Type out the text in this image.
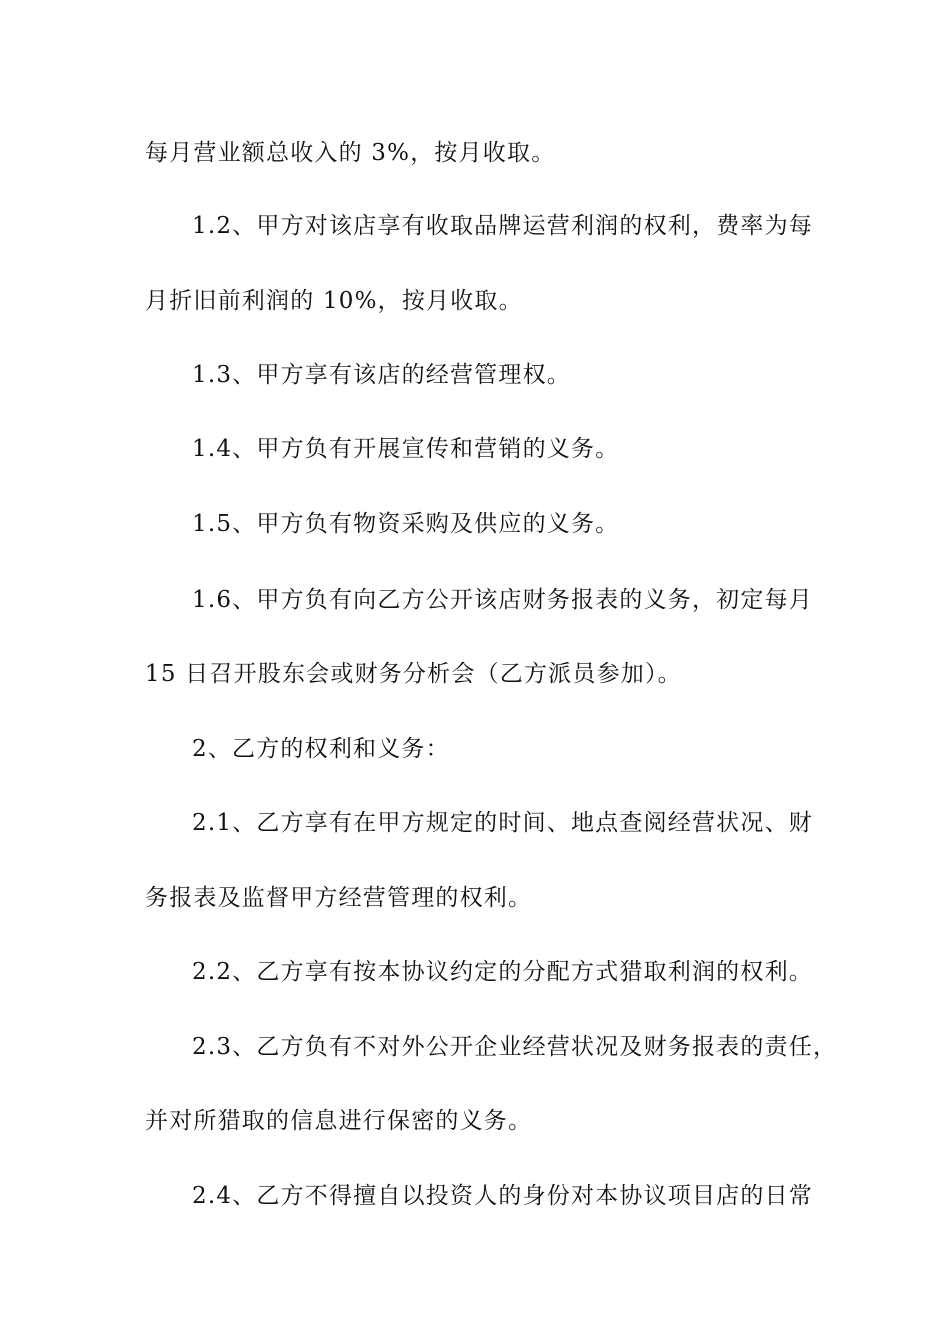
每月营业额总收入的 3%，按月收取。
1.2、甲方对该店享有收取品牌运营利润的权利，费率为每
月折旧前利润的 10%，按月收取。
1.3、甲方享有该店的经营管理权。
1.4、甲方负有开展宣传和营销的义务。
1.5、甲方负有物资采购及供应的义务。
1.6、甲方负有向乙方公开该店财务报表的义务，初定每月
15 日召开股东会或财务分析会（乙方派员参加）。
2、乙方的权利和义务：
2.1、乙方享有在甲方规定的时间、地点查阅经营状况、财
务报表及监督甲方经营管理的权利。
2.2、乙方享有按本协议约定的分配方式猎取利润的权利。
2.3、乙方负有不对外公开企业经营状况及财务报表的责任，
并对所猎取的信息进行保密的义务。
2.4、乙方不得擅自以投资人的身份对本协议项目店的日常
